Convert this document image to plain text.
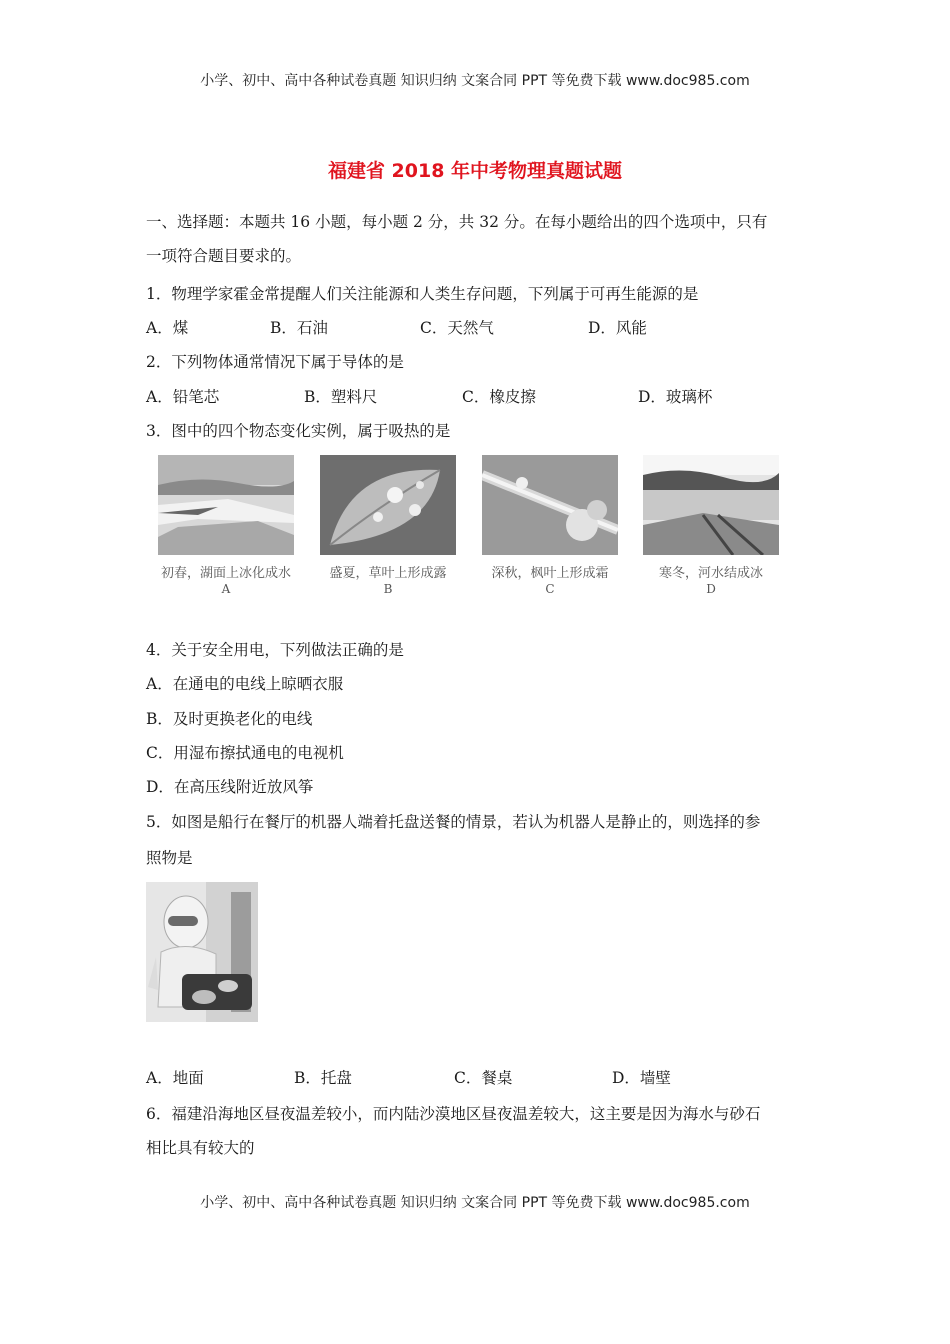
小学、初中、高中各种试卷真题 知识归纳 文案合同 PPT 等免费下载 www.doc985.com
福建省 2018 年中考物理真题试题
一、选择题：本题共 16 小题，每小题 2 分，共 32 分。在每小题给出的四个选项中，只有
一项符合题目要求的。
1．物理学家霍金常提醒人们关注能源和人类生存问题，下列属于可再生能源的是
A．煤	B．石油	C．天然气	D．风能
2．下列物体通常情况下属于导体的是
A．铅笔芯	B．塑料尺	C．橡皮擦	D．玻璃杯
3．图中的四个物态变化实例，属于吸热的是
初春，湖面上冰化成水	盛夏，草叶上形成露	深秋，枫叶上形成霜	寒冬，河水结成冰
A	B	C	D
4．关于安全用电，下列做法正确的是
A．在通电的电线上晾晒衣服
B．及时更换老化的电线
C．用湿布擦拭通电的电视机
D．在高压线附近放风筝
5．如图是船行在餐厅的机器人端着托盘送餐的情景，若认为机器人是静止的，则选择的参
照物是
A．地面	B．托盘	C．餐桌	D．墙壁
6．福建沿海地区昼夜温差较小，而内陆沙漠地区昼夜温差较大，这主要是因为海水与砂石
相比具有较大的
小学、初中、高中各种试卷真题 知识归纳 文案合同 PPT 等免费下载 www.doc985.com
